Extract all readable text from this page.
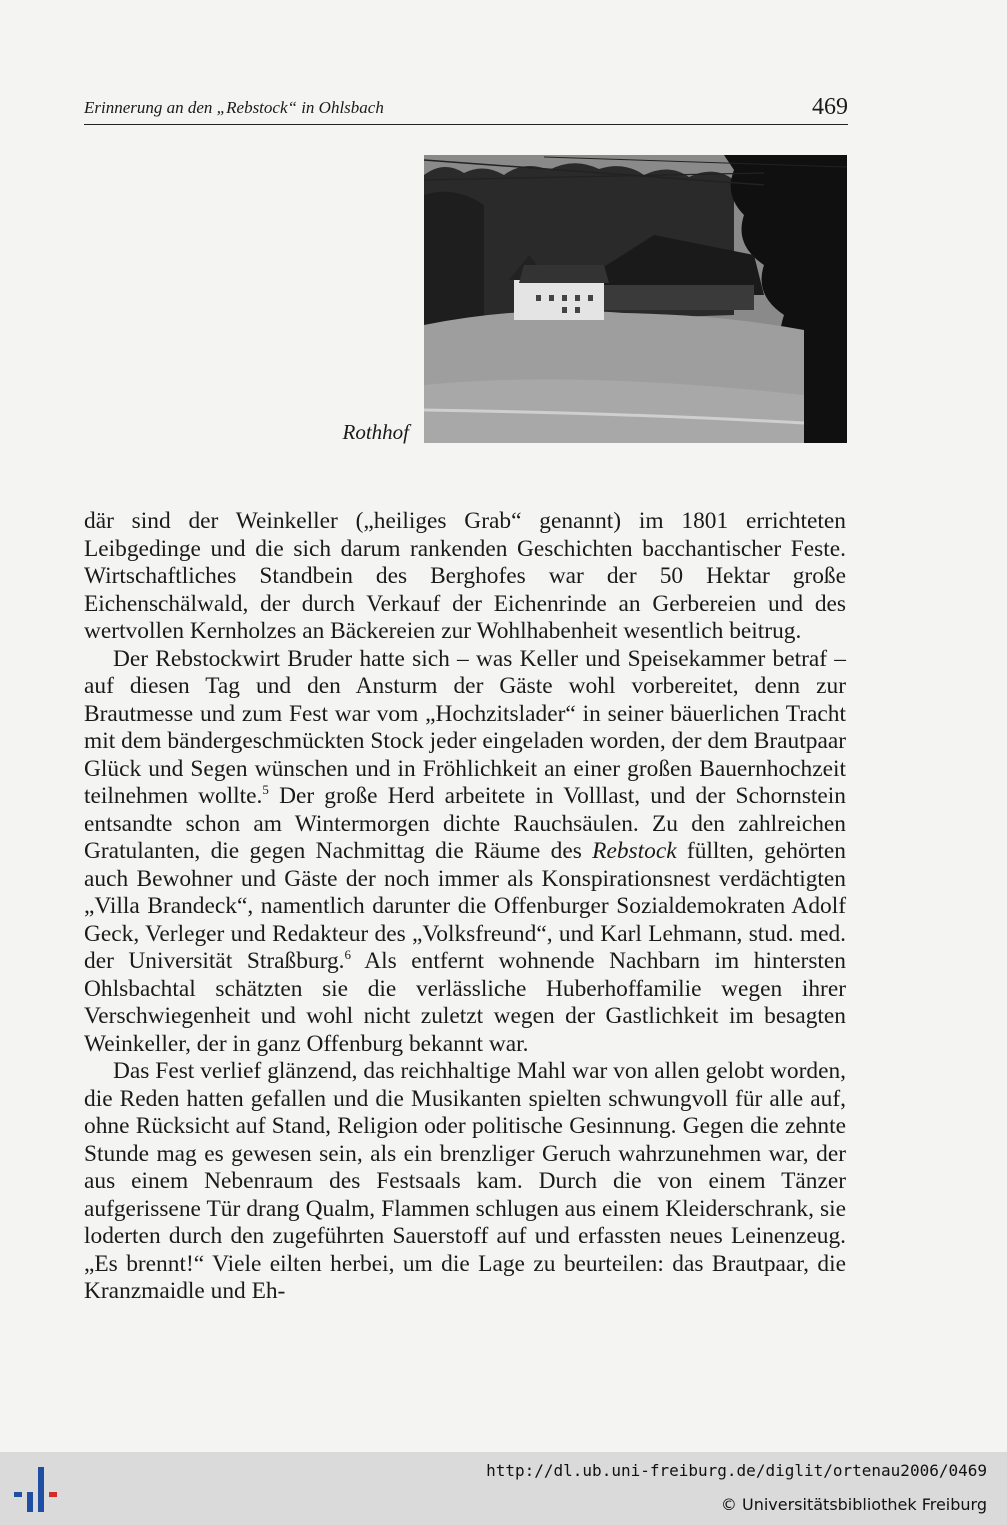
Erinnerung an den „Rebstock“ in Ohlsbach	469
Rothhof

där sind der Weinkeller („heiliges Grab“ genannt) im 1801 errichteten Leibgedinge und die sich darum rankenden Geschichten bacchantischer Feste. Wirtschaftliches Standbein des Berghofes war der 50 Hektar große Eichenschälwald, der durch Verkauf der Eichenrinde an Gerbereien und des wertvollen Kernholzes an Bäckereien zur Wohlhabenheit wesentlich beitrug.

Der Rebstockwirt Bruder hatte sich – was Keller und Speisekammer betraf – auf diesen Tag und den Ansturm der Gäste wohl vorbereitet, denn zur Brautmesse und zum Fest war vom „Hochzitslader“ in seiner bäuerlichen Tracht mit dem bändergeschmückten Stock jeder eingeladen worden, der dem Brautpaar Glück und Segen wünschen und in Fröhlichkeit an einer großen Bauernhochzeit teilnehmen wollte.$^5$ Der große Herd arbeitete in Volllast, und der Schornstein entsandte schon am Wintermorgen dichte Rauchsäulen. Zu den zahlreichen Gratulanten, die gegen Nachmittag die Räume des Rebstock füllten, gehörten auch Bewohner und Gäste der noch immer als Konspirationsnest verdächtigten „Villa Brandeck“, namentlich darunter die Offenburger Sozialdemokraten Adolf Geck, Verleger und Redakteur des „Volksfreund“, und Karl Lehmann, stud. med. der Universität Straßburg.$^6$ Als entfernt wohnende Nachbarn im hintersten Ohlsbachtal schätzten sie die verlässliche Huberhoffamilie wegen ihrer Verschwiegenheit und wohl nicht zuletzt wegen der Gastlichkeit im besagten Weinkeller, der in ganz Offenburg bekannt war.

Das Fest verlief glänzend, das reichhaltige Mahl war von allen gelobt worden, die Reden hatten gefallen und die Musikanten spielten schwungvoll für alle auf, ohne Rücksicht auf Stand, Religion oder politische Gesinnung. Gegen die zehnte Stunde mag es gewesen sein, als ein brenzliger Geruch wahrzunehmen war, der aus einem Nebenraum des Festsaals kam. Durch die von einem Tänzer aufgerissene Tür drang Qualm, Flammen schlugen aus einem Kleiderschrank, sie loderten durch den zugeführten Sauerstoff auf und erfassten neues Leinenzeug. „Es brennt!“ Viele eilten herbei, um die Lage zu beurteilen: das Brautpaar, die Kranzmaidle und Eh-

http://dl.ub.uni-freiburg.de/diglit/ortenau2006/0469
© Universitätsbibliothek Freiburg
